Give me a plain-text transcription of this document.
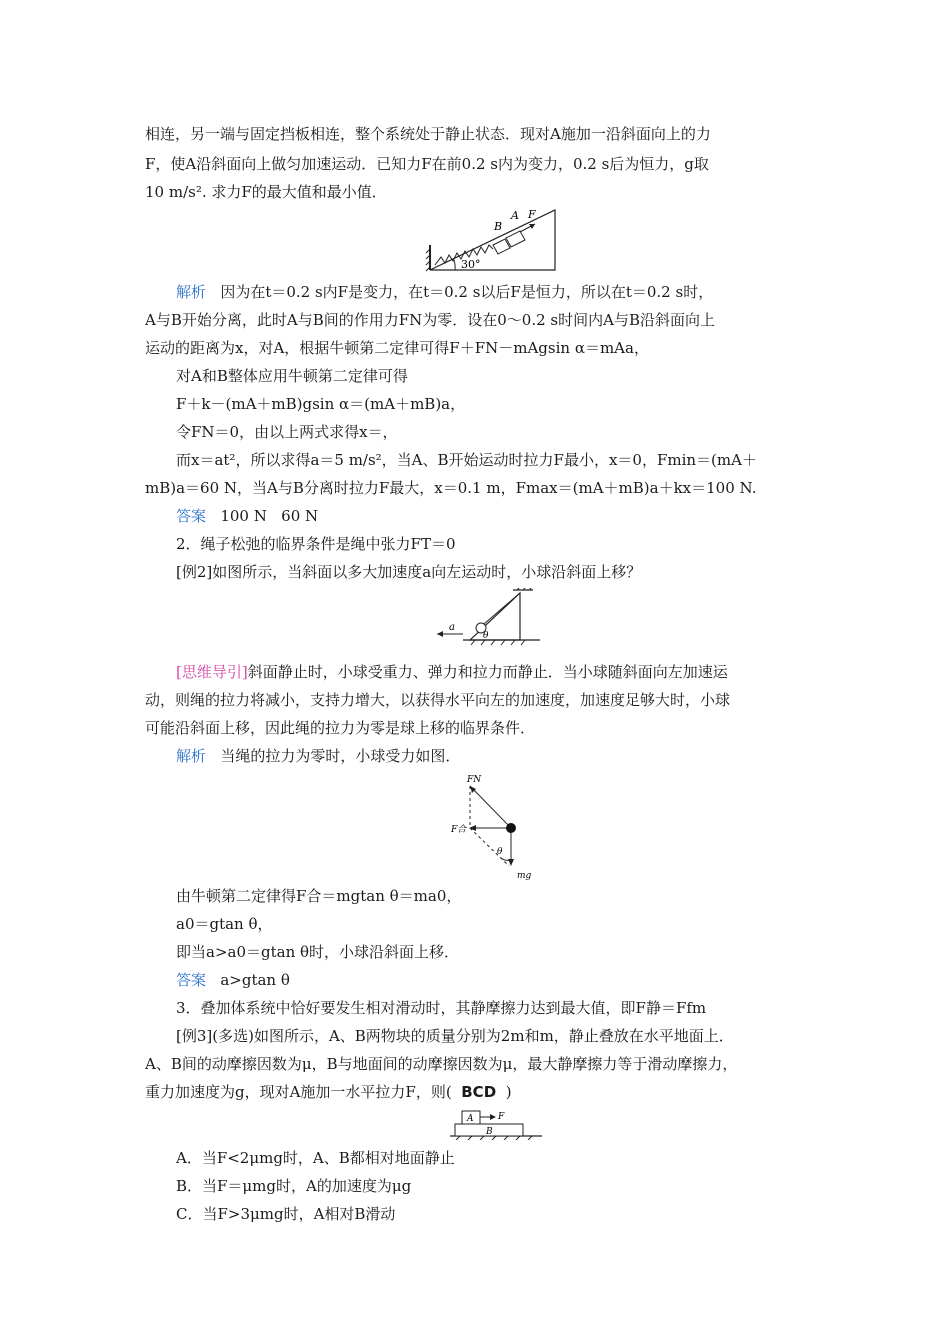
相连，另一端与固定挡板相连，整个系统处于静止状态．现对A施加一沿斜面向上的力
F，使A沿斜面向上做匀加速运动．已知力F在前0.2 s内为变力，0.2 s后为恒力，g取
10 m/s². 求力F的最大值和最小值．
30°
B
A F
解析 因为在t＝0.2 s内F是变力，在t＝0.2 s以后F是恒力，所以在t＝0.2 s时，
A与B开始分离，此时A与B间的作用力FN为零．设在0～0.2 s时间内A与B沿斜面向上
运动的距离为x，对A，根据牛顿第二定律可得F＋FN－mAgsin α＝mAa，
对A和B整体应用牛顿第二定律可得
F＋k－(mA＋mB)gsin α＝(mA＋mB)a，
令FN＝0，由以上两式求得x＝，
而x＝at²，所以求得a＝5 m/s²，当A、B开始运动时拉力F最小，x＝0，Fmin＝(mA＋
mB)a＝60 N，当A与B分离时拉力F最大，x＝0.1 m，Fmax＝(mA＋mB)a＋kx＝100 N.
答案 100 N   60 N
2．绳子松弛的临界条件是绳中张力FT＝0
[例2]如图所示，当斜面以多大加速度a向左运动时，小球沿斜面上移？
a
θ
[思维导引]斜面静止时，小球受重力、弹力和拉力而静止．当小球随斜面向左加速运
动，则绳的拉力将减小，支持力增大，以获得水平向左的加速度，加速度足够大时，小球
可能沿斜面上移，因此绳的拉力为零是球上移的临界条件．
解析 当绳的拉力为零时，小球受力如图．
FN
F合
θ
mg
由牛顿第二定律得F合＝mgtan θ＝ma0，
a0＝gtan θ，
即当a>a0＝gtan θ时，小球沿斜面上移．
答案 a>gtan θ
3．叠加体系统中恰好要发生相对滑动时，其静摩擦力达到最大值，即F静＝Ffm
[例3](多选)如图所示，A、B两物块的质量分别为2m和m，静止叠放在水平地面上．
A、B间的动摩擦因数为μ，B与地面间的动摩擦因数为μ，最大静摩擦力等于滑动摩擦力，
重力加速度为g，现对A施加一水平拉力F，则( BCD )
A
B
F
A．当F<2μmg时，A、B都相对地面静止
B．当F＝μmg时，A的加速度为μg
C．当F>3μmg时，A相对B滑动
